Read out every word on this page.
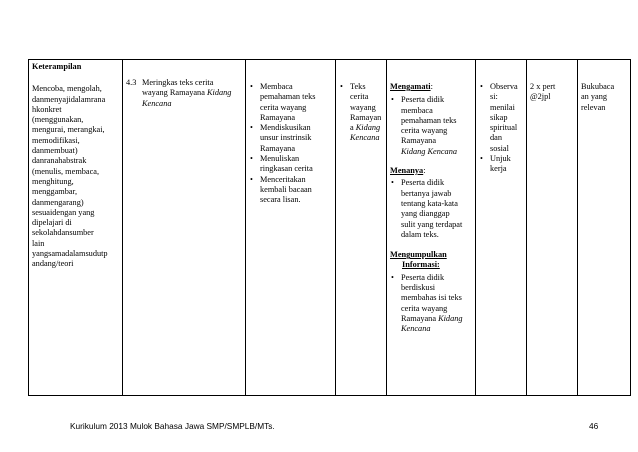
Keterampilan
Mencoba, mengolah,
danmenyajidalamrana
hkonkret
(menggunakan,
mengurai, merangkai,
memodifikasi,
danmembuat)
danranahabstrak
(menulis, membaca,
menghitung,
menggambar,
danmengarang)
sesuaidengan yang
dipelajari di
sekolahdansumber
lain
yangsamadalamsudutp
andang/teori

4.3 Meringkas teks cerita
wayang Ramayana Kidang
Kencana

• Membaca
pemahaman teks
cerita wayang
Ramayana
• Mendiskusikan
unsur instrinsik
Ramayana
• Menuliskan
ringkasan cerita
• Menceritakan
kembali bacaan
secara lisan.

• Teks
cerita
wayang
Ramayan
a Kidang
Kencana

Mengamati:
• Peserta didik
membaca
pemahaman teks
cerita wayang
Ramayana
Kidang Kencana
Menanya:
• Peserta didik
bertanya jawab
tentang kata-kata
yang dianggap
sulit yang terdapat
dalam teks.
Mengumpulkan
Informasi:
• Peserta didik
berdiskusi
membahas isi teks
cerita wayang
Ramayana Kidang
Kencana

• Observa
si:
menilai
sikap
spiritual
dan
sosial
• Unjuk
kerja

2 x pert
@2jpl

Bukubaca
an yang
relevan
Kurikulum 2013 Mulok Bahasa Jawa SMP/SMPLB/MTs.	46
